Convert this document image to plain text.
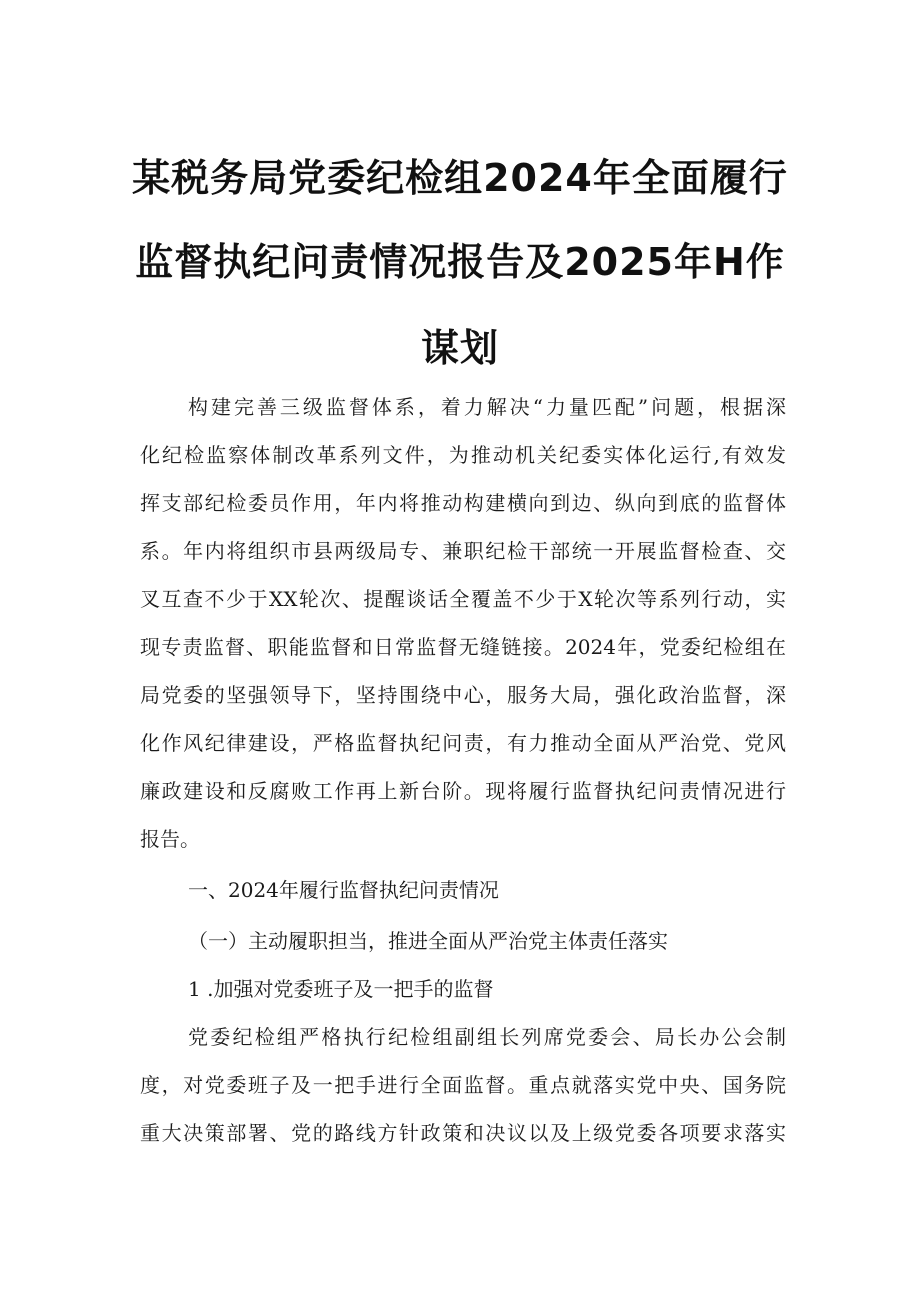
某税务局党委纪检组2024年全面履行
监督执纪问责情况报告及2025年H作
谋划
构建完善三级监督体系，着力解决“力量匹配”问题，根据深
化纪检监察体制改革系列文件，为推动机关纪委实体化运行,有效发
挥支部纪检委员作用，年内将推动构建横向到边、纵向到底的监督体
系。年内将组织市县两级局专、兼职纪检干部统一开展监督检查、交
叉互查不少于XX轮次、提醒谈话全覆盖不少于X轮次等系列行动，实
现专责监督、职能监督和日常监督无缝链接。2024年，党委纪检组在
局党委的坚强领导下，坚持围绕中心，服务大局，强化政治监督，深
化作风纪律建设，严格监督执纪问责，有力推动全面从严治党、党风
廉政建设和反腐败工作再上新台阶。现将履行监督执纪问责情况进行
报告。
一、2024年履行监督执纪问责情况
（一）主动履职担当，推进全面从严治党主体责任落实
1 .加强对党委班子及一把手的监督
党委纪检组严格执行纪检组副组长列席党委会、局长办公会制
度，对党委班子及一把手进行全面监督。重点就落实党中央、国务院
重大决策部署、党的路线方针政策和决议以及上级党委各项要求落实
